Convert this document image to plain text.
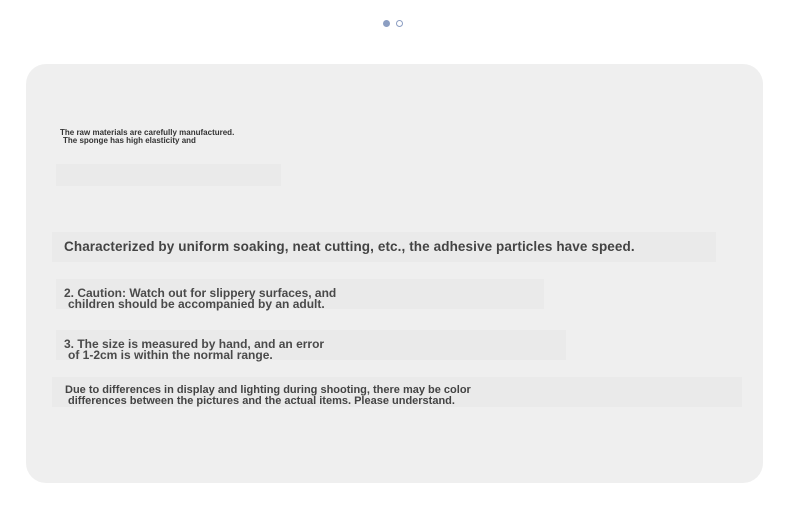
The raw materials are carefully manufactured.
The sponge has high elasticity and
Characterized by uniform soaking, neat cutting, etc., the adhesive particles have speed.
2. Caution: Watch out for slippery surfaces, and
children should be accompanied by an adult.
3. The size is measured by hand, and an error
of 1-2cm is within the normal range.
Due to differences in display and lighting during shooting, there may be color
differences between the pictures and the actual items. Please understand.
